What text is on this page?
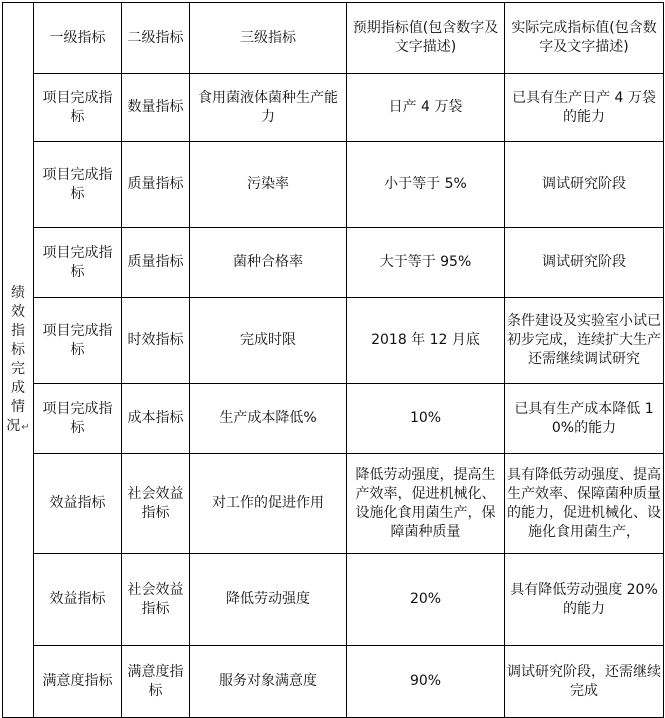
绩效指标完成情况↵	一级指标	二级指标	三级指标	预期指标值(包含数字及文字描述)	实际完成指标值(包含数字及文字描述)
	项目完成指标	数量指标	食用菌液体菌种生产能力	日产 4 万袋	已具有生产日产 4 万袋的能力
	项目完成指标	质量指标	污染率	小于等于 5%	调试研究阶段
	项目完成指标	质量指标	菌种合格率	大于等于 95%	调试研究阶段
	项目完成指标	时效指标	完成时限	2018 年 12 月底	条件建设及实验室小试已初步完成，连续扩大生产还需继续调试研究
	项目完成指标	成本指标	生产成本降低%	10%	已具有生产成本降低 10%的能力
	效益指标	社会效益指标	对工作的促进作用	降低劳动强度，提高生产效率，促进机械化、设施化食用菌生产，保障菌种质量	具有降低劳动强度、提高生产效率、保障菌种质量的能力，促进机械化、设施化食用菌生产，
	效益指标	社会效益指标	降低劳动强度	20%	具有降低劳动强度 20%的能力
	满意度指标	满意度指标	服务对象满意度	90%	调试研究阶段，还需继续完成
